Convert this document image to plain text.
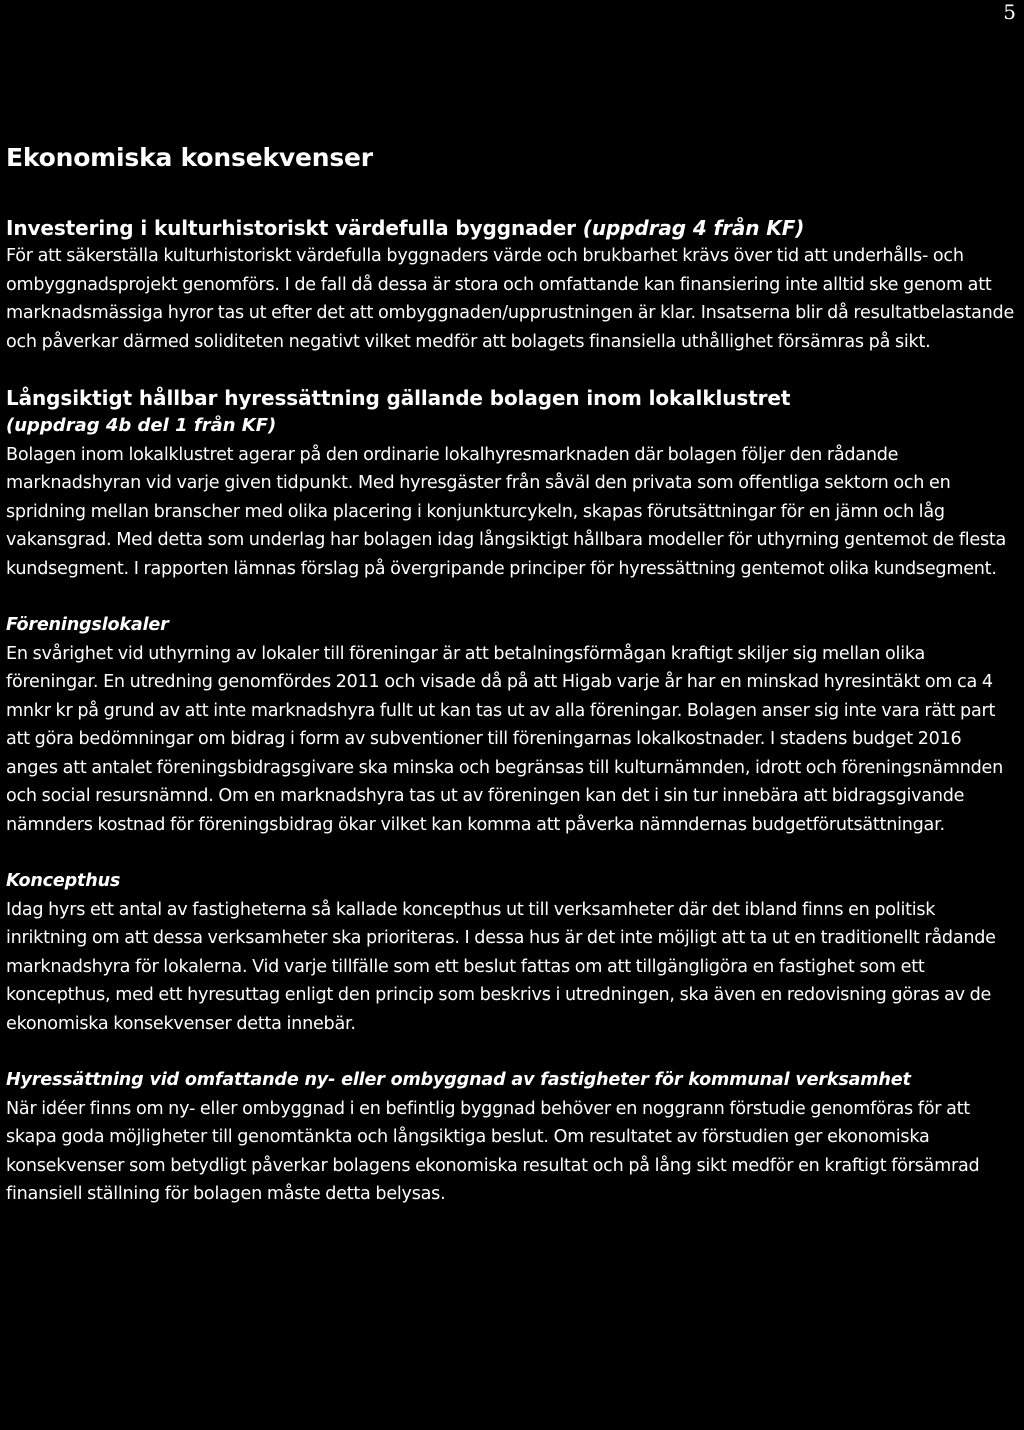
5
Ekonomiska konsekvenser

Investering i kulturhistoriskt värdefulla byggnader (uppdrag 4 från KF)

För att säkerställa kulturhistoriskt värdefulla byggnaders värde och brukbarhet krävs över tid att underhålls- och ombyggnadsprojekt genomförs. I de fall då dessa är stora och omfattande kan finansiering inte alltid ske genom att marknadsmässiga hyror tas ut efter det att ombyggnaden/upprustningen är klar. Insatserna blir då resultatbelastande och påverkar därmed soliditeten negativt vilket medför att bolagets finansiella uthållighet försämras på sikt.

Långsiktigt hållbar hyressättning gällande bolagen inom lokalklustret

(uppdrag 4b del 1 från KF)

Bolagen inom lokalklustret agerar på den ordinarie lokalhyresmarknaden där bolagen följer den rådande marknadshyran vid varje given tidpunkt. Med hyresgäster från såväl den privata som offentliga sektorn och en spridning mellan branscher med olika placering i konjunkturcykeln, skapas förutsättningar för en jämn och låg vakansgrad. Med detta som underlag har bolagen idag långsiktigt hållbara modeller för uthyrning gentemot de flesta kundsegment. I rapporten lämnas förslag på övergripande principer för hyressättning gentemot olika kundsegment.

Föreningslokaler

En svårighet vid uthyrning av lokaler till föreningar är att betalningsförmågan kraftigt skiljer sig mellan olika föreningar. En utredning genomfördes 2011 och visade då på att Higab varje år har en minskad hyresintäkt om ca 4 mnkr kr på grund av att inte marknadshyra fullt ut kan tas ut av alla föreningar. Bolagen anser sig inte vara rätt part att göra bedömningar om bidrag i form av subventioner till föreningarnas lokalkostnader. I stadens budget 2016 anges att antalet föreningsbidragsgivare ska minska och begränsas till kulturnämnden, idrott och föreningsnämnden och social resursnämnd. Om en marknadshyra tas ut av föreningen kan det i sin tur innebära att bidragsgivande nämnders kostnad för föreningsbidrag ökar vilket kan komma att påverka nämndernas budgetförutsättningar.

Koncepthus

Idag hyrs ett antal av fastigheterna så kallade koncepthus ut till verksamheter där det ibland finns en politisk inriktning om att dessa verksamheter ska prioriteras. I dessa hus är det inte möjligt att ta ut en traditionellt rådande marknadshyra för lokalerna. Vid varje tillfälle som ett beslut fattas om att tillgängligöra en fastighet som ett koncepthus, med ett hyresuttag enligt den princip som beskrivs i utredningen, ska även en redovisning göras av de ekonomiska konsekvenser detta innebär.

Hyressättning vid omfattande ny- eller ombyggnad av fastigheter för kommunal verksamhet

När idéer finns om ny- eller ombyggnad i en befintlig byggnad behöver en noggrann förstudie genomföras för att skapa goda möjligheter till genomtänkta och långsiktiga beslut. Om resultatet av förstudien ger ekonomiska konsekvenser som betydligt påverkar bolagens ekonomiska resultat och på lång sikt medför en kraftigt försämrad finansiell ställning för bolagen måste detta belysas.
